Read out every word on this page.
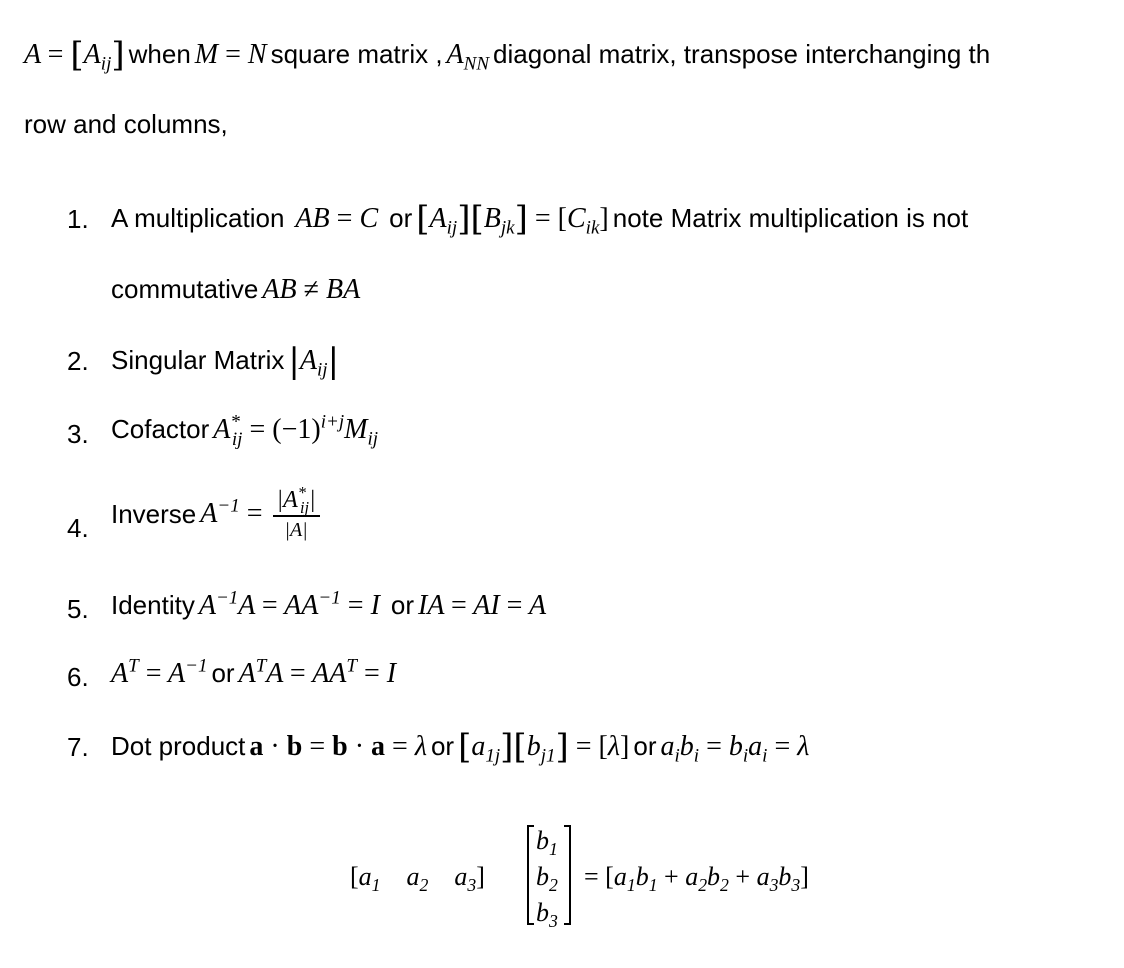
$A = [A_{ij}]$ when M = N square matrix , $A_{NN}$ diagonal matrix, transpose interchanging th
row and columns,
1. A multiplication  AB = C  or $[A_{ij}][B_{jk}] = [C_{ik}]$ note Matrix multiplication is not
commutative AB ≠ BA
2. Singular Matrix $|A_{ij}|$
3. Cofactor $A^*_{ij} = (-1)^{i+j}M_{ij}$
4. Inverse $A^{-1} = \frac{|A^*_{ij}|}{|A|}$
5. Identity $A^{-1}A = AA^{-1} = I$  or IA = AI = A
6. $A^T = A^{-1}$ or $A^TA = AA^T = I$
7. Dot product a · b = b · a = λ or $[a_{1j}][b_{j1}] = [\lambda]$ or $a_ib_i = b_ia_i = \lambda$
[$a_1$    $a_2$    $a_3$]
$b_1$
$b_2$
$b_3$
= $[a_1b_1 + a_2b_2 + a_3b_3]$
